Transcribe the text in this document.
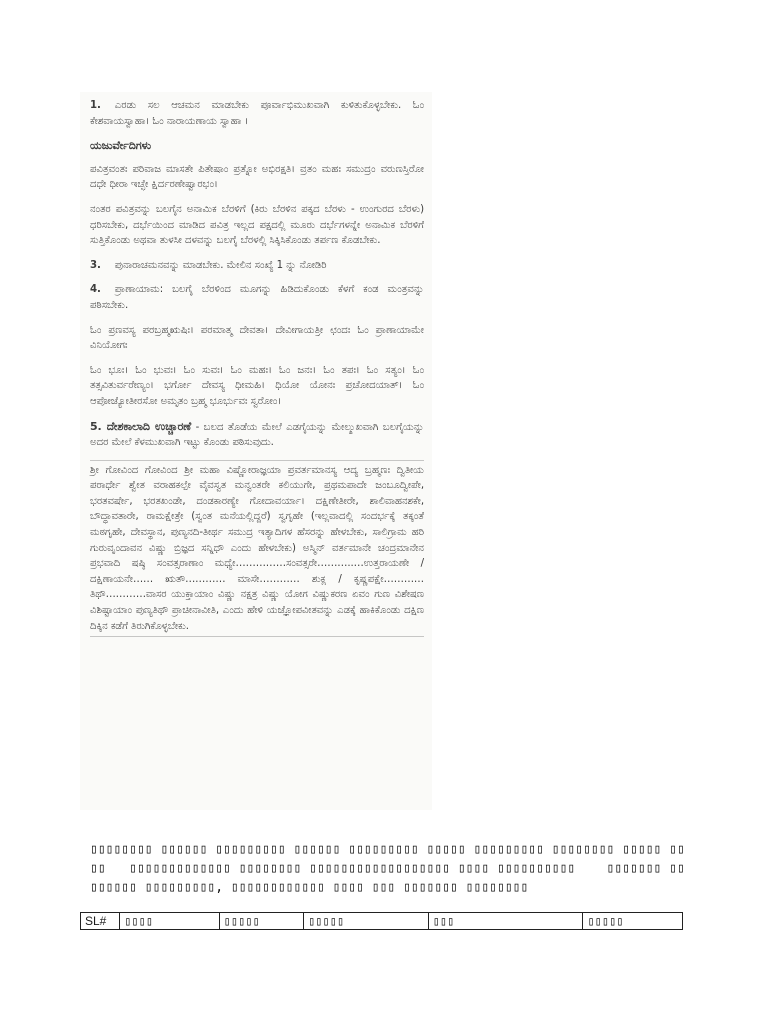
1. ಎರಡು ಸಲ ಆಚಮನ ಮಾಡಬೇಕು ಪೂರ್ವಾಭಿಮುಖವಾಗಿ ಕುಳಿತುಕೊಳ್ಳಬೇಕು. ಓಂ ಕೇಶವಾಯಸ್ವಾಹಾ। ಓಂ ನಾರಾಯಣಾಯ ಸ್ವಾಹಾ ।

ಯಜುರ್ವೇದಿಗಳು

ಪವಿತ್ರವಂತಃ ಪರಿವಾಜ ಮಾಸತೇ ಪಿತೇಷಾಂ ಪ್ರತ್ನೋ ಅಭಿರಕ್ಷತಿ। ವ್ರತಂ ಮಹಃ ಸಮುದ್ರಂ ವರುಣಸ್ತಿರೋ ದಧೇ ಧೀರಾ ಇಚ್ಛೇ ಕ್ಷಿರ್ದರಣೇಷ್ವಾರಭಂ।

ನಂತರ ಪವಿತ್ರವನ್ನು ಬಲಗೈನ ಅನಾಮಿಕ ಬೆರಳಿಗೆ (ಕಿರು ಬೆರಳಿನ ಪಕ್ಕದ ಬೆರಳು - ಉಂಗುರದ ಬೆರಳು) ಧರಿಸಬೇಕು, ದರ್ಭೆಯಿಂದ ಮಾಡಿದ ಪವಿತ್ರ ಇಲ್ಲದ ಪಕ್ಷದಲ್ಲಿ ಮೂರು ದರ್ಭೆಗಳನ್ನೇ ಅನಾಮಿಕ ಬೆರಳಿಗೆ ಸುತ್ತಿಕೊಂಡು ಅಥವಾ ತುಳಸೀ ದಳವನ್ನು ಬಲಗೈ ಬೆರಳಲ್ಲಿ ಸಿಕ್ಕಿಸಿಕೊಂಡು ತರ್ಪಣ ಕೊಡಬೇಕು.

3. ಪುನಾರಾಚಮನವನ್ನು ಮಾಡಬೇಕು. ಮೇಲಿನ ಸಂಖ್ಯೆ 1 ನ್ನು ನೋಡಿರಿ

4. ಪ್ರಾಣಾಯಾಮ: ಬಲಗೈ ಬೆರಳಿಂದ ಮೂಗನ್ನು ಹಿಡಿದುಕೊಂಡು ಕೆಳಗೆ ಕಂಡ ಮಂತ್ರವನ್ನು ಪಠಿಸಬೇಕು.

ಓಂ ಪ್ರಣವಸ್ಯ ಪರಬ್ರಹ್ಮಋಷಿಃ। ಪರಮಾತ್ಮ ದೇವತಾ। ದೇವೀಗಾಯತ್ರೀ ಛಂದಃ ಓಂ ಪ್ರಾಣಾಯಾಮೇ ವಿನಿಯೋಗಃ

ಓಂ ಭೂಃ। ಓಂ ಭುವಃ। ಓಂ ಸುವಃ। ಓಂ ಮಹಃ। ಓಂ ಜನಃ। ಓಂ ತಪಃ। ಓಂ ಸತ್ಯಂ। ಓಂ ತತ್ಸವಿತುರ್ವರೇಣ್ಯಂ। ಭರ್ಗೋ ದೇವಸ್ಯ ಧೀಮಹಿ। ಧಿಯೋ ಯೋನಃ ಪ್ರಚೋದಯಾತ್। ಓಂ ಆಪೋಜ್ಯೋತೀರಸೋ ಅಮೃತಂ ಬ್ರಹ್ಮ ಭೂರ್ಭುವಃ ಸ್ವರೋಂ।

5. ದೇಶಕಾಲಾದಿ ಉಚ್ಚಾರಣೆ - ಬಲದ ತೊಡೆಯ ಮೇಲೆ ಎಡಗೈಯನ್ನು ಮೇಲ್ಮುಖವಾಗಿ ಬಲಗೈಯನ್ನು ಅದರ ಮೇಲೆ ಕೆಳಮುಖವಾಗಿ ಇಟ್ಟು ಕೊಂಡು ಪಠಿಸುವುದು.

ಶ್ರೀ ಗೋವಿಂದ ಗೋವಿಂದ ಶ್ರೀ ಮಹಾ ವಿಷ್ಣೋರಾಜ್ಞಯಾ ಪ್ರವರ್ತಮಾನಸ್ಯ ಆದ್ಯ ಬ್ರಹ್ಮಣಃ ದ್ವಿತೀಯ ಪರಾರ್ಧೇ ಶ್ವೇತ ವರಾಹಕಲ್ಪೇ ವೈವಸ್ವತ ಮನ್ವಂತರೇ ಕಲಿಯುಗೇ, ಪ್ರಥಮಪಾದೇ ಜಂಬೂದ್ವೀಪೇ, ಭರತವರ್ಷೇ, ಭರತಖಂಡೇ, ದಂಡಕಾರಣ್ಯೇ ಗೋದಾವರ್ಯಾ। ದಕ್ಷಿಣೇತೀರೇ, ಶಾಲಿವಾಹನಶಕೇ, ಬೌದ್ಧಾವತಾರೇ, ರಾಮಕ್ಷೇತ್ರೇ (ಸ್ವಂತ ಮನೆಯಲ್ಲಿದ್ದರೆ) ಸ್ವಗೃಹೇ (ಇಲ್ಲವಾದಲ್ಲಿ ಸಂದರ್ಭಕ್ಕೆ ತಕ್ಕಂತೆ ಮಠಗೃಹೇ, ದೇವಸ್ಥಾನ, ಪುಣ್ಯನದಿ-ತೀರ್ಥ ಸಮುದ್ರ ಇತ್ಯಾದಿಗಳ ಹೆಸರನ್ನು ಹೇಳಬೇಕು, ಸಾಲಿಗ್ರಾಮ ಹರಿ ಗುರುವೃಂದಾವನ ವಿಷ್ಣು ಬ್ರಿಜ್ಞದ ಸನ್ನಿಧೌ ಎಂದು ಹೇಳಬೇಕು) ಅಸ್ಮಿನ್ ವರ್ತಮಾನೇ ಚಂದ್ರಮಾನೇನ ಪ್ರಭವಾದಿ ಷಷ್ಠಿ ಸಂವತ್ಸರಾಣಾಂ ಮಧ್ಯೇ……………ಸಂವತ್ಸರೇ………..…ಉತ್ತರಾಯಣೇ / ದಕ್ಷಿಣಾಯನೇ…… ಋತೌ………… ಮಾಸೇ………… ಶುಕ್ಲ / ಕೃಷ್ಣಪಕ್ಷೇ…………ತಿಥೌ…………ವಾಸರ ಯುಕ್ತಾಯಾಂ ವಿಷ್ಣು ನಕ್ಷತ್ರ ವಿಷ್ಣು ಯೋಗ ವಿಷ್ಣುಕರಣ ಏವಂ ಗುಣ ವಿಶೇಷಣ ವಿಶಿಷ್ಟಾಯಾಂ ಪುಣ್ಯತಿಥೌ ಪ್ರಾಚೀನಾವೀತಿ, ಎಂದು ಹೇಳಿ ಯಜ್ಞೋಪವೀತವನ್ನು ಎಡಕ್ಕೆ ಹಾಕಿಕೊಂಡು ದಕ್ಷಿಣ ದಿಕ್ಕಿನ ಕಡೆಗೆ ತಿರುಗಿಕೊಳ್ಳಬೇಕು.

▯▯▯▯▯▯▯▯ ▯▯▯▯▯▯ ▯▯▯▯▯▯▯▯▯ ▯▯▯▯▯▯ ▯▯▯▯▯▯▯▯▯ ▯▯▯▯▯ ▯▯▯▯▯▯▯▯▯ ▯▯▯▯▯▯▯▯ ▯▯▯▯▯ ▯▯▯▯   ▯▯▯▯▯▯▯▯▯▯▯▯▯ ▯▯▯▯▯▯▯▯ ▯▯▯▯▯▯▯▯▯▯▯▯▯▯▯▯▯▯ ▯▯▯▯ ▯▯▯▯▯▯▯▯▯▯    ▯▯▯▯▯▯▯ ▯▯▯▯▯▯▯▯ ▯▯▯▯▯▯▯▯▯, ▯▯▯▯▯▯▯▯▯▯▯▯ ▯▯▯▯ ▯▯▯ ▯▯▯▯▯▯▯ ▯▯▯▯▯▯▯▯
SL#	▯▯▯▯	▯▯▯▯▯	▯▯▯▯▯	▯▯▯	▯▯▯▯▯
